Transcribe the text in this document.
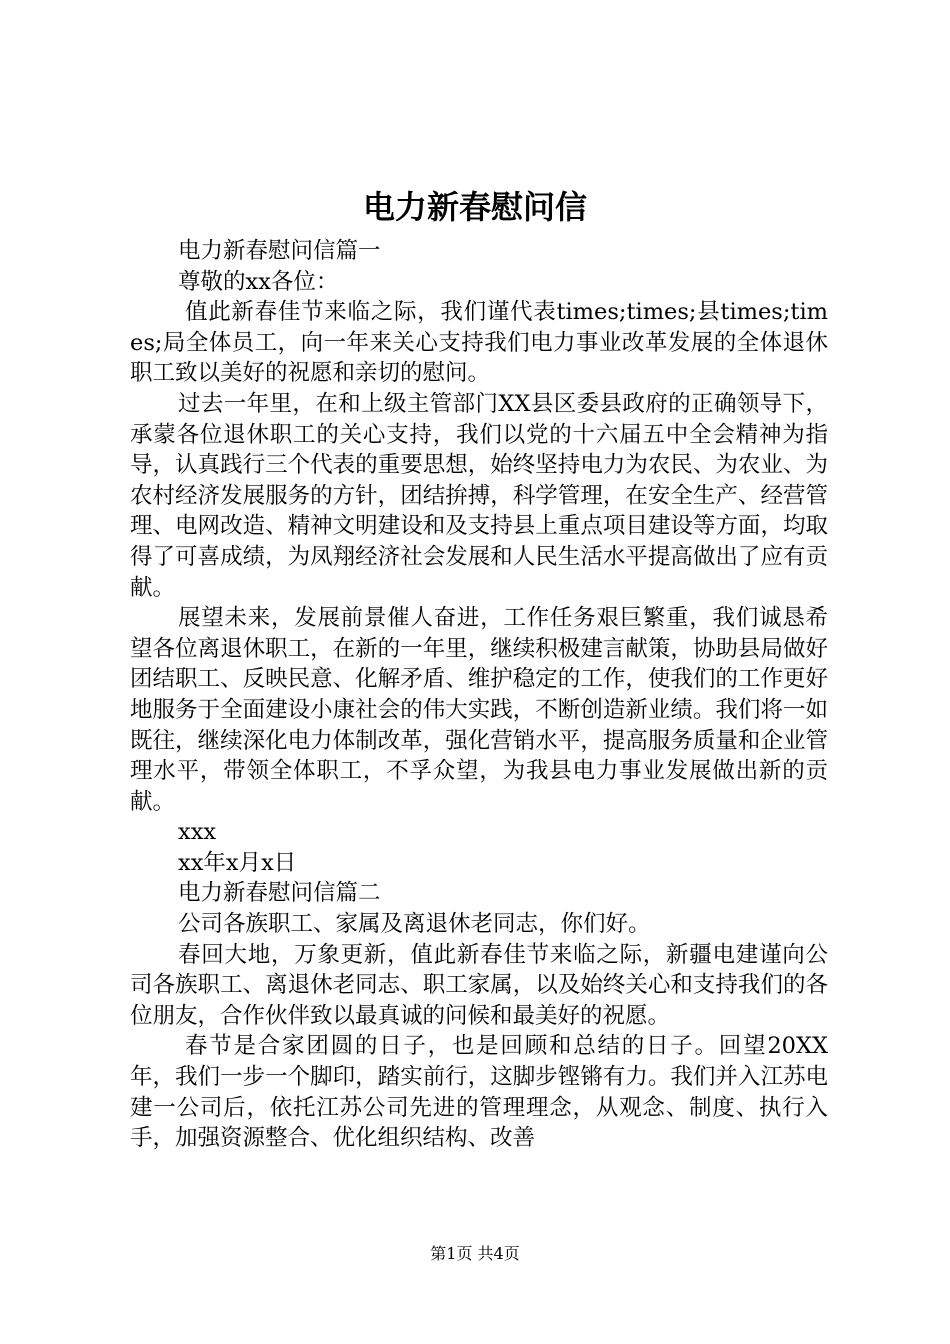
电力新春慰问信

电力新春慰问信篇一

尊敬的xx各位：

值此新春佳节来临之际，我们谨代表times;times;县times;times;局全体员工，向一年来关心支持我们电力事业改革发展的全体退休职工致以美好的祝愿和亲切的慰问。

过去一年里，在和上级主管部门XX县区委县政府的正确领导下，承蒙各位退休职工的关心支持，我们以党的十六届五中全会精神为指导，认真践行三个代表的重要思想，始终坚持电力为农民、为农业、为农村经济发展服务的方针，团结拚搏，科学管理，在安全生产、经营管理、电网改造、精神文明建设和及支持县上重点项目建设等方面，均取得了可喜成绩，为凤翔经济社会发展和人民生活水平提高做出了应有贡献。

展望未来，发展前景催人奋进，工作任务艰巨繁重，我们诚恳希望各位离退休职工，在新的一年里，继续积极建言献策，协助县局做好团结职工、反映民意、化解矛盾、维护稳定的工作，使我们的工作更好地服务于全面建设小康社会的伟大实践，不断创造新业绩。我们将一如既往，继续深化电力体制改革，强化营销水平，提高服务质量和企业管理水平，带领全体职工，不孚众望，为我县电力事业发展做出新的贡献。

xxx

xx年x月x日

电力新春慰问信篇二

公司各族职工、家属及离退休老同志，你们好。

春回大地，万象更新，值此新春佳节来临之际，新疆电建谨向公司各族职工、离退休老同志、职工家属，以及始终关心和支持我们的各位朋友，合作伙伴致以最真诚的问候和最美好的祝愿。

春节是合家团圆的日子，也是回顾和总结的日子。回望20XX年，我们一步一个脚印，踏实前行，这脚步铿锵有力。我们并入江苏电建一公司后，依托江苏公司先进的管理理念，从观念、制度、执行入手，加强资源整合、优化组织结构、改善

第1页 共4页
